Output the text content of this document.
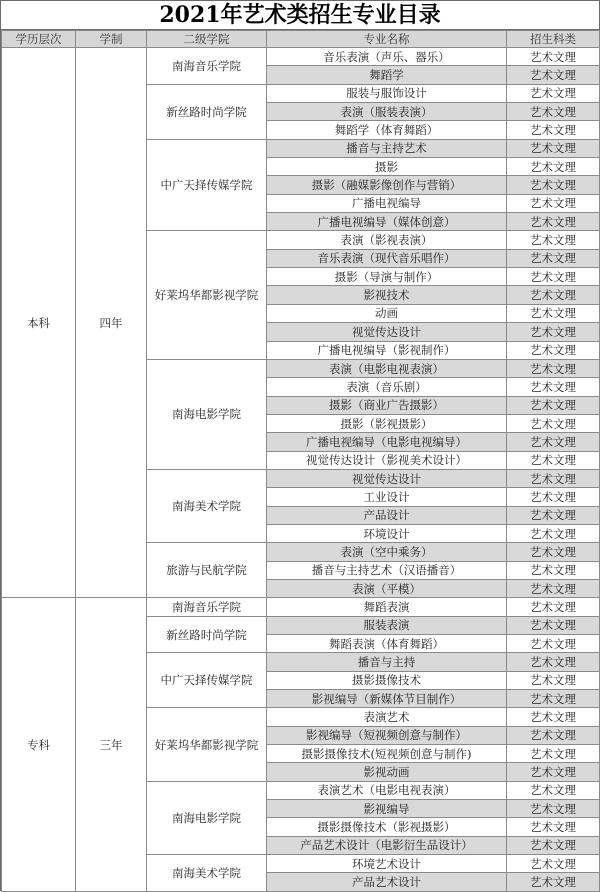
2021年艺术类招生专业目录
学历层次	学制	二级学院	专业名称	招生科类
本科	四年	南海音乐学院	音乐表演（声乐、器乐）	艺术文理
			舞蹈学	艺术文理
		新丝路时尚学院	服装与服饰设计	艺术文理
			表演（服装表演）	艺术文理
			舞蹈学（体育舞蹈）	艺术文理
		中广天择传媒学院	播音与主持艺术	艺术文理
			摄影	艺术文理
			摄影（融媒影像创作与营销）	艺术文理
			广播电视编导	艺术文理
			广播电视编导（媒体创意）	艺术文理
		好莱坞华都影视学院	表演（影视表演）	艺术文理
			音乐表演（现代音乐唱作）	艺术文理
			摄影（导演与制作）	艺术文理
			影视技术	艺术文理
			动画	艺术文理
			视觉传达设计	艺术文理
			广播电视编导（影视制作）	艺术文理
		南海电影学院	表演（电影电视表演）	艺术文理
			表演（音乐剧）	艺术文理
			摄影（商业广告摄影）	艺术文理
			摄影（影视摄影）	艺术文理
			广播电视编导（电影电视编导）	艺术文理
			视觉传达设计（影视美术设计）	艺术文理
		南海美术学院	视觉传达设计	艺术文理
			工业设计	艺术文理
			产品设计	艺术文理
			环境设计	艺术文理
		旅游与民航学院	表演（空中乘务）	艺术文理
			播音与主持艺术（汉语播音）	艺术文理
			表演（平模）	艺术文理
专科	三年	南海音乐学院	舞蹈表演	艺术文理
		新丝路时尚学院	服装表演	艺术文理
			舞蹈表演（体育舞蹈）	艺术文理
		中广天择传媒学院	播音与主持	艺术文理
			摄影摄像技术	艺术文理
			影视编导（新媒体节目制作）	艺术文理
		好莱坞华都影视学院	表演艺术	艺术文理
			影视编导（短视频创意与制作）	艺术文理
			摄影摄像技术(短视频创意与制作)	艺术文理
			影视动画	艺术文理
		南海电影学院	表演艺术（电影电视表演）	艺术文理
			影视编导	艺术文理
			摄影摄像技术（影视摄影）	艺术文理
			产品艺术设计（电影衍生品设计）	艺术文理
		南海美术学院	环境艺术设计	艺术文理
			产品艺术设计	艺术文理
